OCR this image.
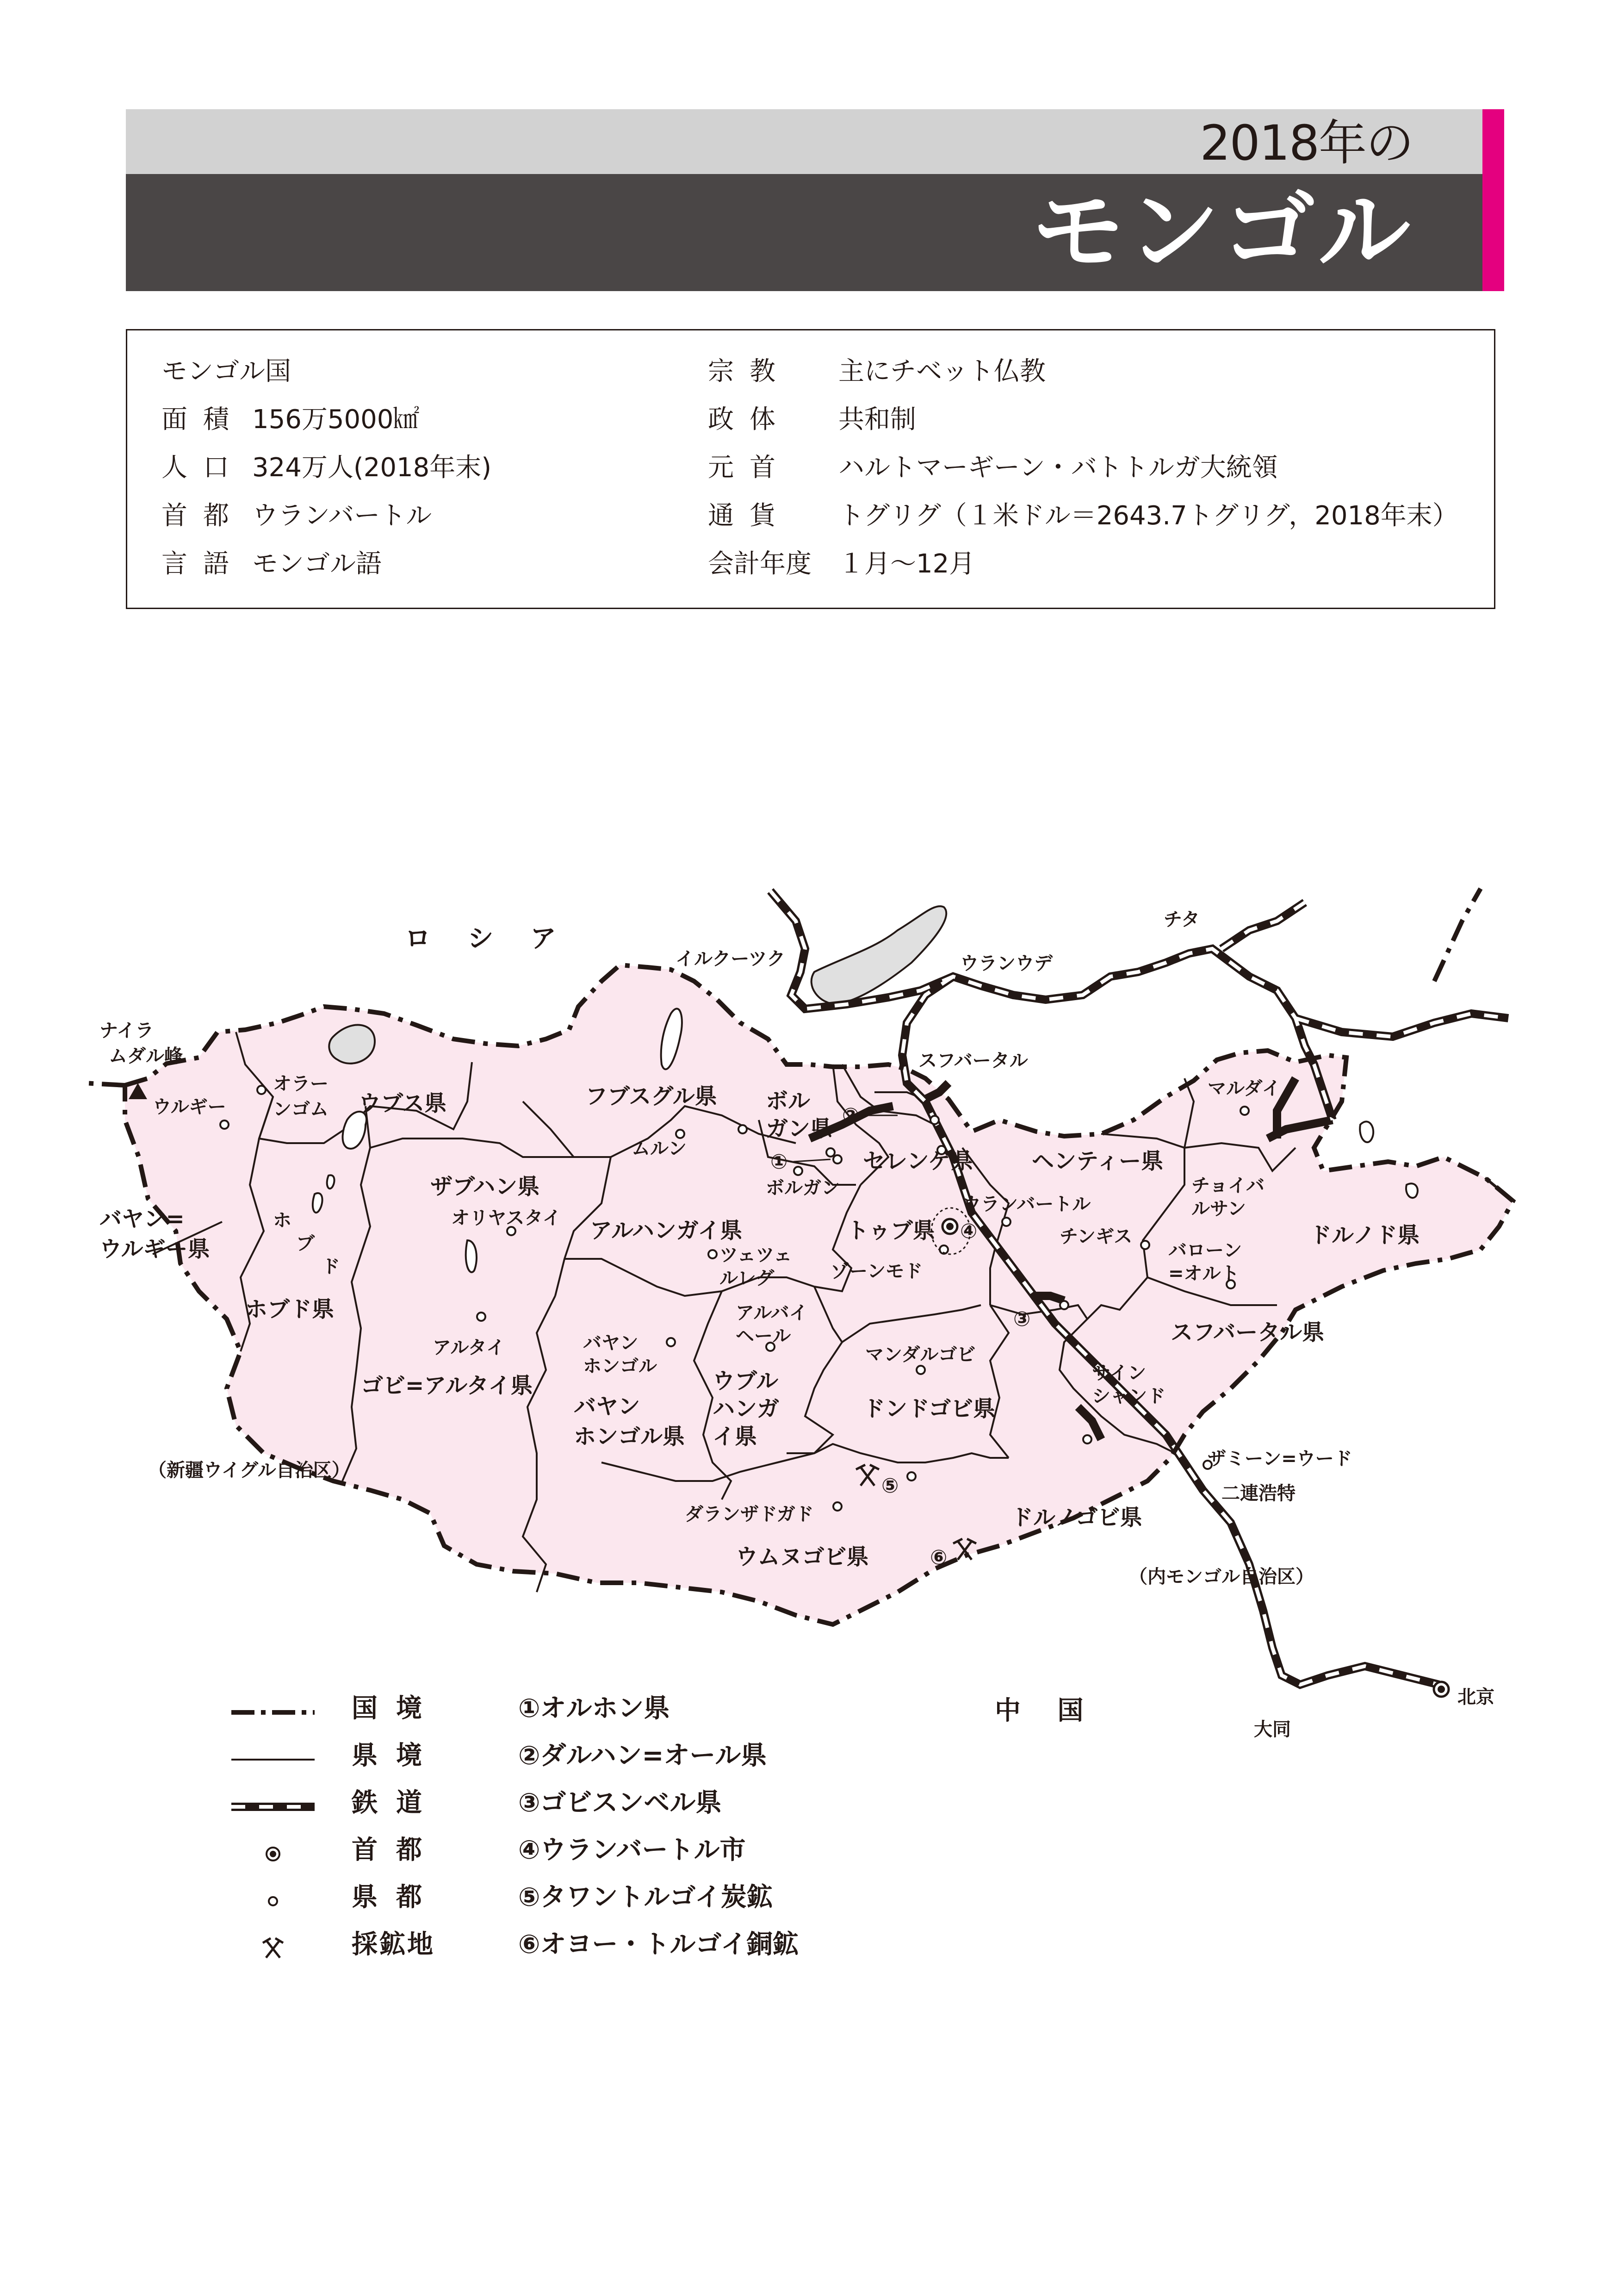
2018年の
モンゴル
モンゴル国
面積 156万5000㎢
人口 324万人(2018年末)
首都 ウランバートル
言語 モンゴル語
宗教 主にチベット仏教
政体 共和制
元首 ハルトマーギーン・バトトルガ大統領
通貨 トグリグ（１米ドル＝2643.7トグリグ，2018年末）
会計年度 １月～12月
ロ シ ア
中 国
（新疆ウイグル自治区）
（内モンゴル自治区）
ウブス県	フブスグル県 ボル
ガン県
セレンゲ県	ヘンティー県
ドルノド県
バヤン=
ウルギー県
ザブハン県
アルハンガイ県	トゥブ県
ホブド県
スフバータル県
ゴビ=アルタイ県
バヤン
ホンゴル県
ウブル
ハンガ
イ県
ドンドゴビ県
ウムヌゴビ県
ドルノゴビ県
ウルギー
オラー
ンゴム
ムルン
ボルガン
オリヤスタイ
ウランバートル
チンギス
チョイバ
ルサン
ツェツェ
ルレグ	ゾーンモド
ホ
ブ
ド
バローン
=オルト
アルタイ	バヤン
ホンゴル
アルバイ
ヘール
マンダルゴビ
サイン
シャンド
ダランザドガド
スフバータル
マルダイ
イルクーツク	ウランウデ
チタ
ザミーン=ウード
二連浩特
大同
北京
ナイラ
ムダル峰
①
②
③
④
⑤
⑥
国境	①オルホン県
県境	②ダルハン=オール県
鉄道	③ゴビスンベル県
首都	④ウランバートル市
県都	⑤タワントルゴイ炭鉱
採鉱地	⑥オヨー・トルゴイ銅鉱
